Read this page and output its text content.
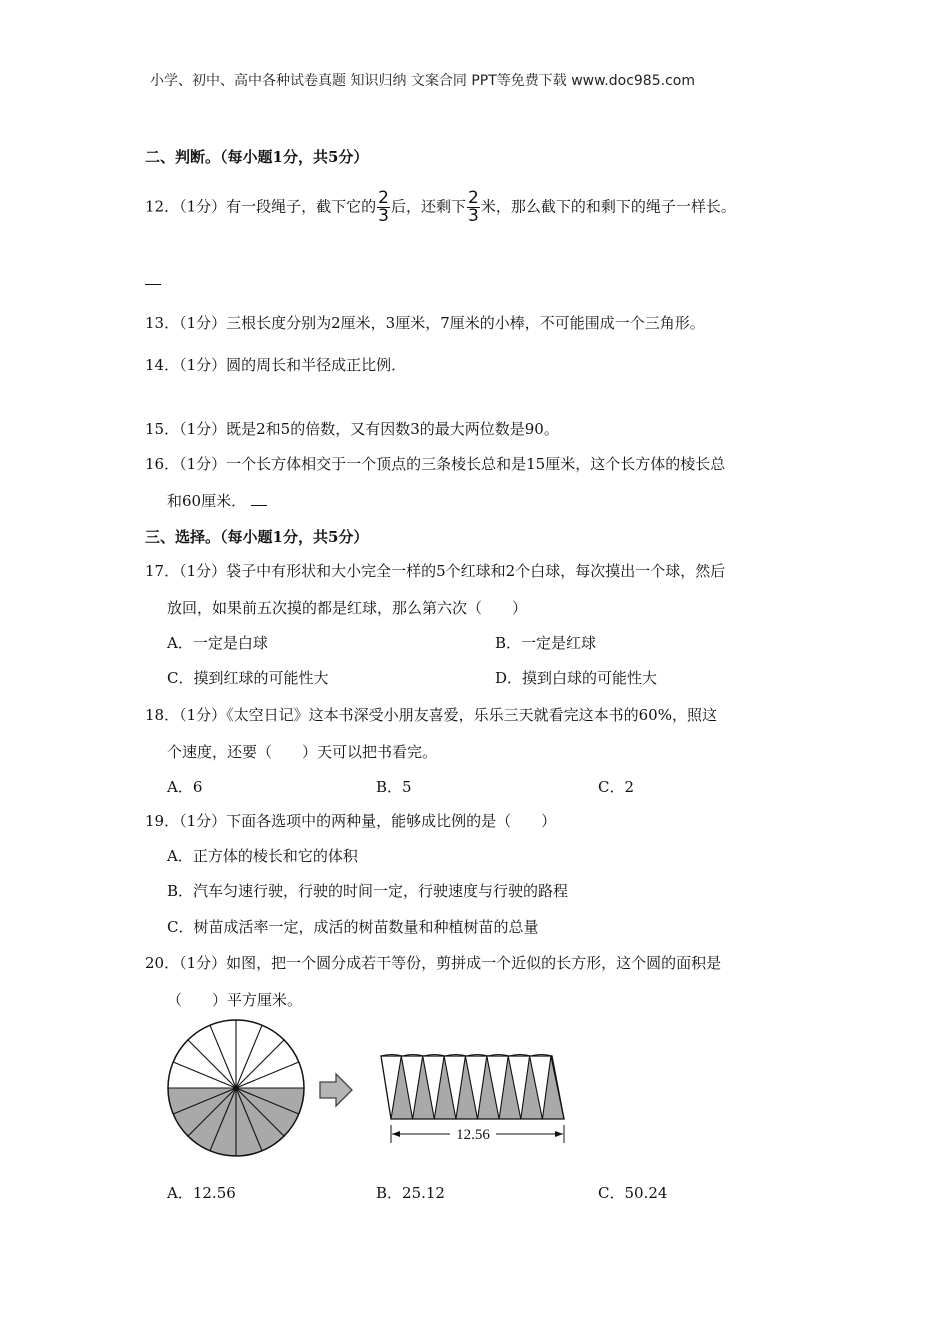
小学、初中、高中各种试卷真题 知识归纳 文案合同 PPT等免费下载 www.doc985.com
二、判断。（每小题1分，共5分）
12．（1分）有一段绳子，截下它的 $\frac{2}{3}$ 后，还剩下 $\frac{2}{3}$ 米，那么截下的和剩下的绳子一样长。
13．（1分）三根长度分别为2厘米，3厘米，7厘米的小棒，不可能围成一个三角形。
14．（1分）圆的周长和半径成正比例．
15．（1分）既是2和5的倍数，又有因数3的最大两位数是90。
16．（1分）一个长方体相交于一个顶点的三条棱长总和是15厘米，这个长方体的棱长总
和60厘米．
三、选择。（每小题1分，共5分）
17．（1分）袋子中有形状和大小完全一样的5个红球和2个白球，每次摸出一个球，然后
放回，如果前五次摸的都是红球，那么第六次（　　）
A．一定是白球	B．一定是红球
C．摸到红球的可能性大	D．摸到白球的可能性大
18．（1分）《太空日记》这本书深受小朋友喜爱，乐乐三天就看完这本书的60%，照这
个速度，还要（　　）天可以把书看完。
A．6	B．5	C．2
19．（1分）下面各选项中的两种量，能够成比例的是（　　）
A．正方体的棱长和它的体积
B．汽车匀速行驶，行驶的时间一定，行驶速度与行驶的路程
C．树苗成活率一定，成活的树苗数量和种植树苗的总量
20．（1分）如图，把一个圆分成若干等份，剪拼成一个近似的长方形，这个圆的面积是
（　　）平方厘米。
12.56
A．12.56	B．25.12	C．50.24
